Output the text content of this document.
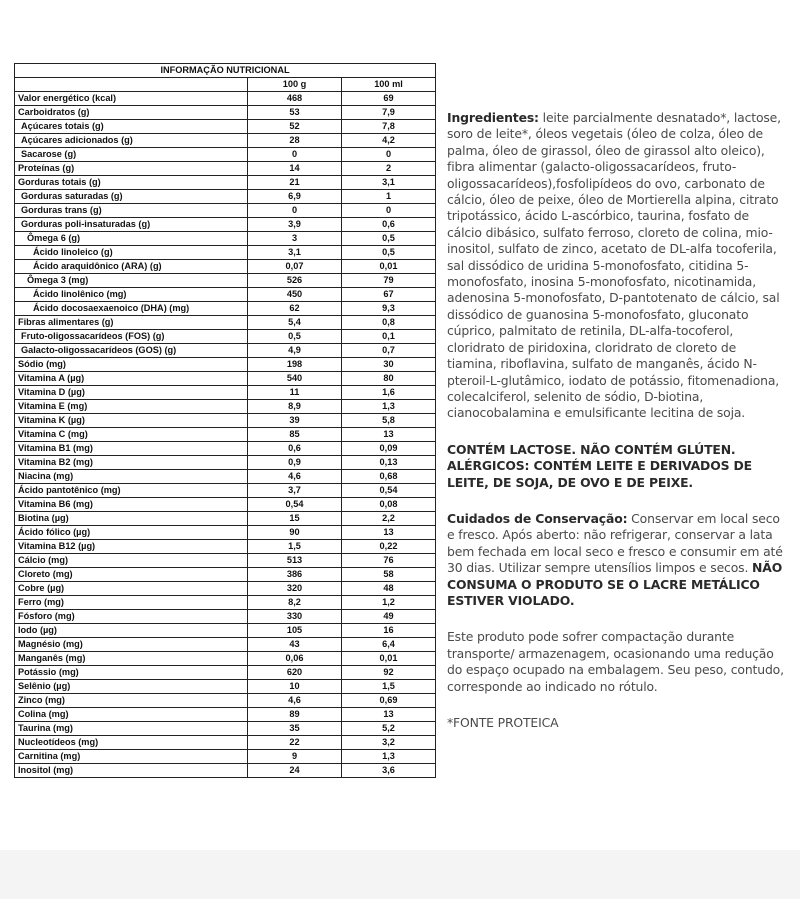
INFORMAÇÃO NUTRICIONAL		
	100 g	100 ml
Valor energético (kcal)	468	69
Carboidratos (g)	53	7,9
Açúcares totais (g)	52	7,8
Açúcares adicionados (g)	28	4,2
Sacarose (g)	0	0
Proteínas (g)	14	2
Gorduras totais (g)	21	3,1
Gorduras saturadas (g)	6,9	1
Gorduras trans (g)	0	0
Gorduras poli-insaturadas (g)	3,9	0,6
Ômega 6 (g)	3	0,5
Ácido linoleico (g)	3,1	0,5
Ácido araquidônico (ARA) (g)	0,07	0,01
Ômega 3 (mg)	526	79
Ácido linolênico (mg)	450	67
Ácido docosaexaenoico (DHA) (mg)	62	9,3
Fibras alimentares (g)	5,4	0,8
Fruto-oligossacarídeos (FOS) (g)	0,5	0,1
Galacto-oligossacarídeos (GOS) (g)	4,9	0,7
Sódio (mg)	198	30
Vitamina A (µg)	540	80
Vitamina D (µg)	11	1,6
Vitamina E (mg)	8,9	1,3
Vitamina K (µg)	39	5,8
Vitamina C (mg)	85	13
Vitamina B1 (mg)	0,6	0,09
Vitamina B2 (mg)	0,9	0,13
Niacina (mg)	4,6	0,68
Ácido pantotênico (mg)	3,7	0,54
Vitamina B6 (mg)	0,54	0,08
Biotina (µg)	15	2,2
Ácido fólico (µg)	90	13
Vitamina B12 (µg)	1,5	0,22
Cálcio (mg)	513	76
Cloreto (mg)	386	58
Cobre (µg)	320	48
Ferro (mg)	8,2	1,2
Fósforo (mg)	330	49
Iodo (µg)	105	16
Magnésio (mg)	43	6,4
Manganês (mg)	0,06	0,01
Potássio (mg)	620	92
Selênio (µg)	10	1,5
Zinco (mg)	4,6	0,69
Colina (mg)	89	13
Taurina (mg)	35	5,2
Nucleotídeos (mg)	22	3,2
Carnitina (mg)	9	1,3
Inositol (mg)	24	3,6

Ingredientes: leite parcialmente desnatado*, lactose, soro de leite*, óleos vegetais (óleo de colza, óleo de palma, óleo de girassol, óleo de girassol alto oleico), fibra alimentar (galacto-oligossacarídeos, fruto-oligossacarídeos),fosfolipídeos do ovo, carbonato de cálcio, óleo de peixe, óleo de Mortierella alpina, citrato tripotássico, ácido L-ascórbico, taurina, fosfato de cálcio dibásico, sulfato ferroso, cloreto de colina, mio-inositol, sulfato de zinco, acetato de DL-alfa tocoferila, sal dissódico de uridina 5-monofosfato, citidina 5-monofosfato, inosina 5-monofosfato, nicotinamida, adenosina 5-monofosfato, D-pantotenato de cálcio, sal dissódico de guanosina 5-monofosfato, gluconato cúprico, palmitato de retinila, DL-alfa-tocoferol, cloridrato de piridoxina, cloridrato de cloreto de tiamina, riboflavina, sulfato de manganês, ácido N-pteroil-L-glutâmico, iodato de potássio, fitomenadiona, colecalciferol, selenito de sódio, D-biotina, cianocobalamina e emulsificante lecitina de soja.

CONTÉM LACTOSE. NÃO CONTÉM GLÚTEN. ALÉRGICOS: CONTÉM LEITE E DERIVADOS DE LEITE, DE SOJA, DE OVO E DE PEIXE.

Cuidados de Conservação: Conservar em local seco e fresco. Após aberto: não refrigerar, conservar a lata bem fechada em local seco e fresco e consumir em até 30 dias. Utilizar sempre utensílios limpos e secos. NÃO CONSUMA O PRODUTO SE O LACRE METÁLICO ESTIVER VIOLADO.

Este produto pode sofrer compactação durante transporte/ armazenagem, ocasionando uma redução do espaço ocupado na embalagem. Seu peso, contudo, corresponde ao indicado no rótulo.

*FONTE PROTEICA
